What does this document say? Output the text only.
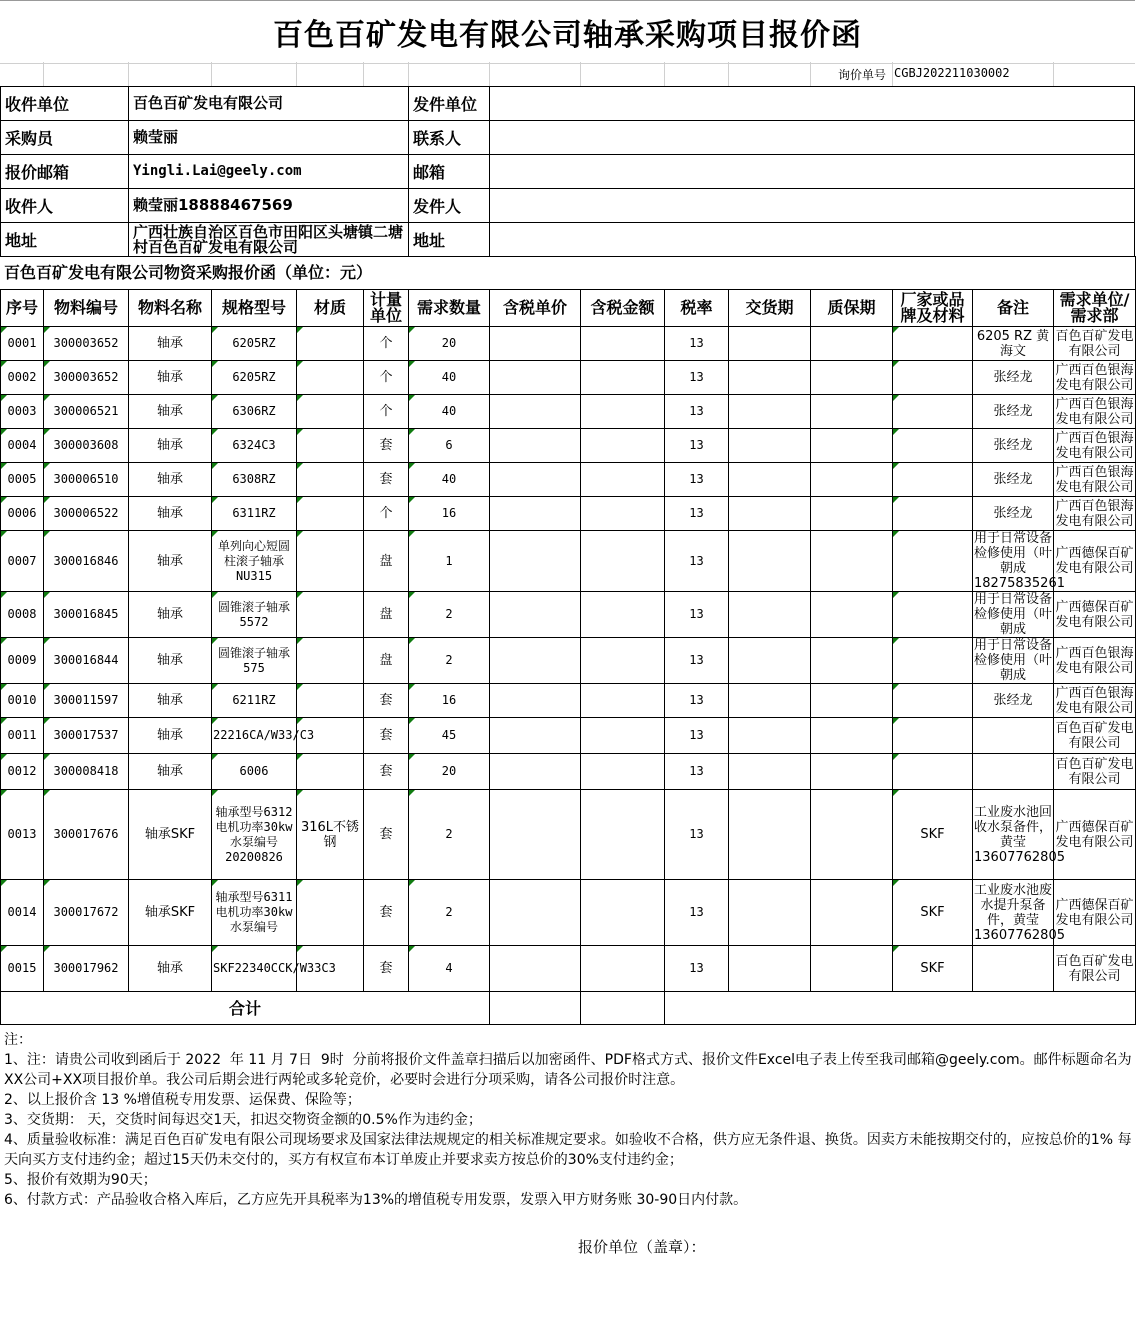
百色百矿发电有限公司轴承采购项目报价函
询价单号 CGBJ202211030002
收件单位	百色百矿发电有限公司	发件单位	
采购员	赖莹丽	联系人	
报价邮箱	Yingli.Lai@geely.com	邮箱	
收件人	赖莹丽18888467569	发件人	
地址	广西壮族自治区百色市田阳区头塘镇二塘村百色百矿发电有限公司	地址	
百色百矿发电有限公司物资采购报价函（单位：元）
序号	物料编号	物料名称	规格型号	材质	计量单位	需求数量	含税单价	含税金额	税率	交货期	质保期	厂家或品牌及材料	备注	需求单位/需求部

0001	300003652	轴承	6205RZ		个	20			13				6205 RZ 黄海文	百色百矿发电有限公司

0002	300003652	轴承	6205RZ		个	40			13				张经龙	广西百色银海发电有限公司

0003	300006521	轴承	6306RZ		个	40			13				张经龙	广西百色银海发电有限公司

0004	300003608	轴承	6324C3		套	6			13				张经龙	广西百色银海发电有限公司

0005	300006510	轴承	6308RZ		套	40			13				张经龙	广西百色银海发电有限公司

0006	300006522	轴承	6311RZ		个	16			13				张经龙	广西百色银海发电有限公司

0007	300016846	轴承	单列向心短圆柱滚子轴承NU315		盘	1			13				用于日常设备检修使用（叶朝成18275835261	广西德保百矿发电有限公司

0008	300016845	轴承	圆锥滚子轴承5572		盘	2			13				用于日常设备检修使用（叶朝成	广西德保百矿发电有限公司

0009	300016844	轴承	圆锥滚子轴承575		盘	2			13				用于日常设备检修使用（叶朝成	广西百色银海发电有限公司

0010	300011597	轴承	6211RZ		套	16			13				张经龙	广西百色银海发电有限公司

0011	300017537	轴承	22216CA/W33/C3		套	45			13					百色百矿发电有限公司

0012	300008418	轴承	6006		套	20			13					百色百矿发电有限公司

0013	300017676	轴承SKF	轴承型号6312 电机功率30kw 水泵编号20200826	316L不锈钢	套	2			13			SKF	工业废水池回收水泵备件，黄莹13607762805	广西德保百矿发电有限公司

0014	300017672	轴承SKF	轴承型号6311 电机功率30kw 水泵编号		套	2			13			SKF	工业废水池废水提升泵备件，黄莹13607762805	广西德保百矿发电有限公司

0015	300017962	轴承	SKF22340CCK/W33C3		套	4			13			SKF		百色百矿发电有限公司
合计														
注：
1、注：请贵公司收到函后于 2022  年 11 月 7日  9时  分前将报价文件盖章扫描后以加密函件、PDF格式方式、报价文件Excel电子表上传至我司邮箱@geely.com。邮件标题命名为XX公司+XX项目报价单。我公司后期会进行两轮或多轮竞价，必要时会进行分项采购，请各公司报价时注意。
2、以上报价含 13 %增值税专用发票、运保费、保险等；
3、交货期： 天，交货时间每迟交1天，扣迟交物资金额的0.5%作为违约金；
4、质量验收标准：满足百色百矿发电有限公司现场要求及国家法律法规规定的相关标准规定要求。如验收不合格，供方应无条件退、换货。因卖方未能按期交付的，应按总价的1% 每天向买方支付违约金；超过15天仍未交付的，买方有权宣布本订单废止并要求卖方按总价的30%支付违约金；
5、报价有效期为90天；
6、付款方式：产品验收合格入库后，乙方应先开具税率为13%的增值税专用发票，发票入甲方财务账 30-90日内付款。
报价单位（盖章）：
